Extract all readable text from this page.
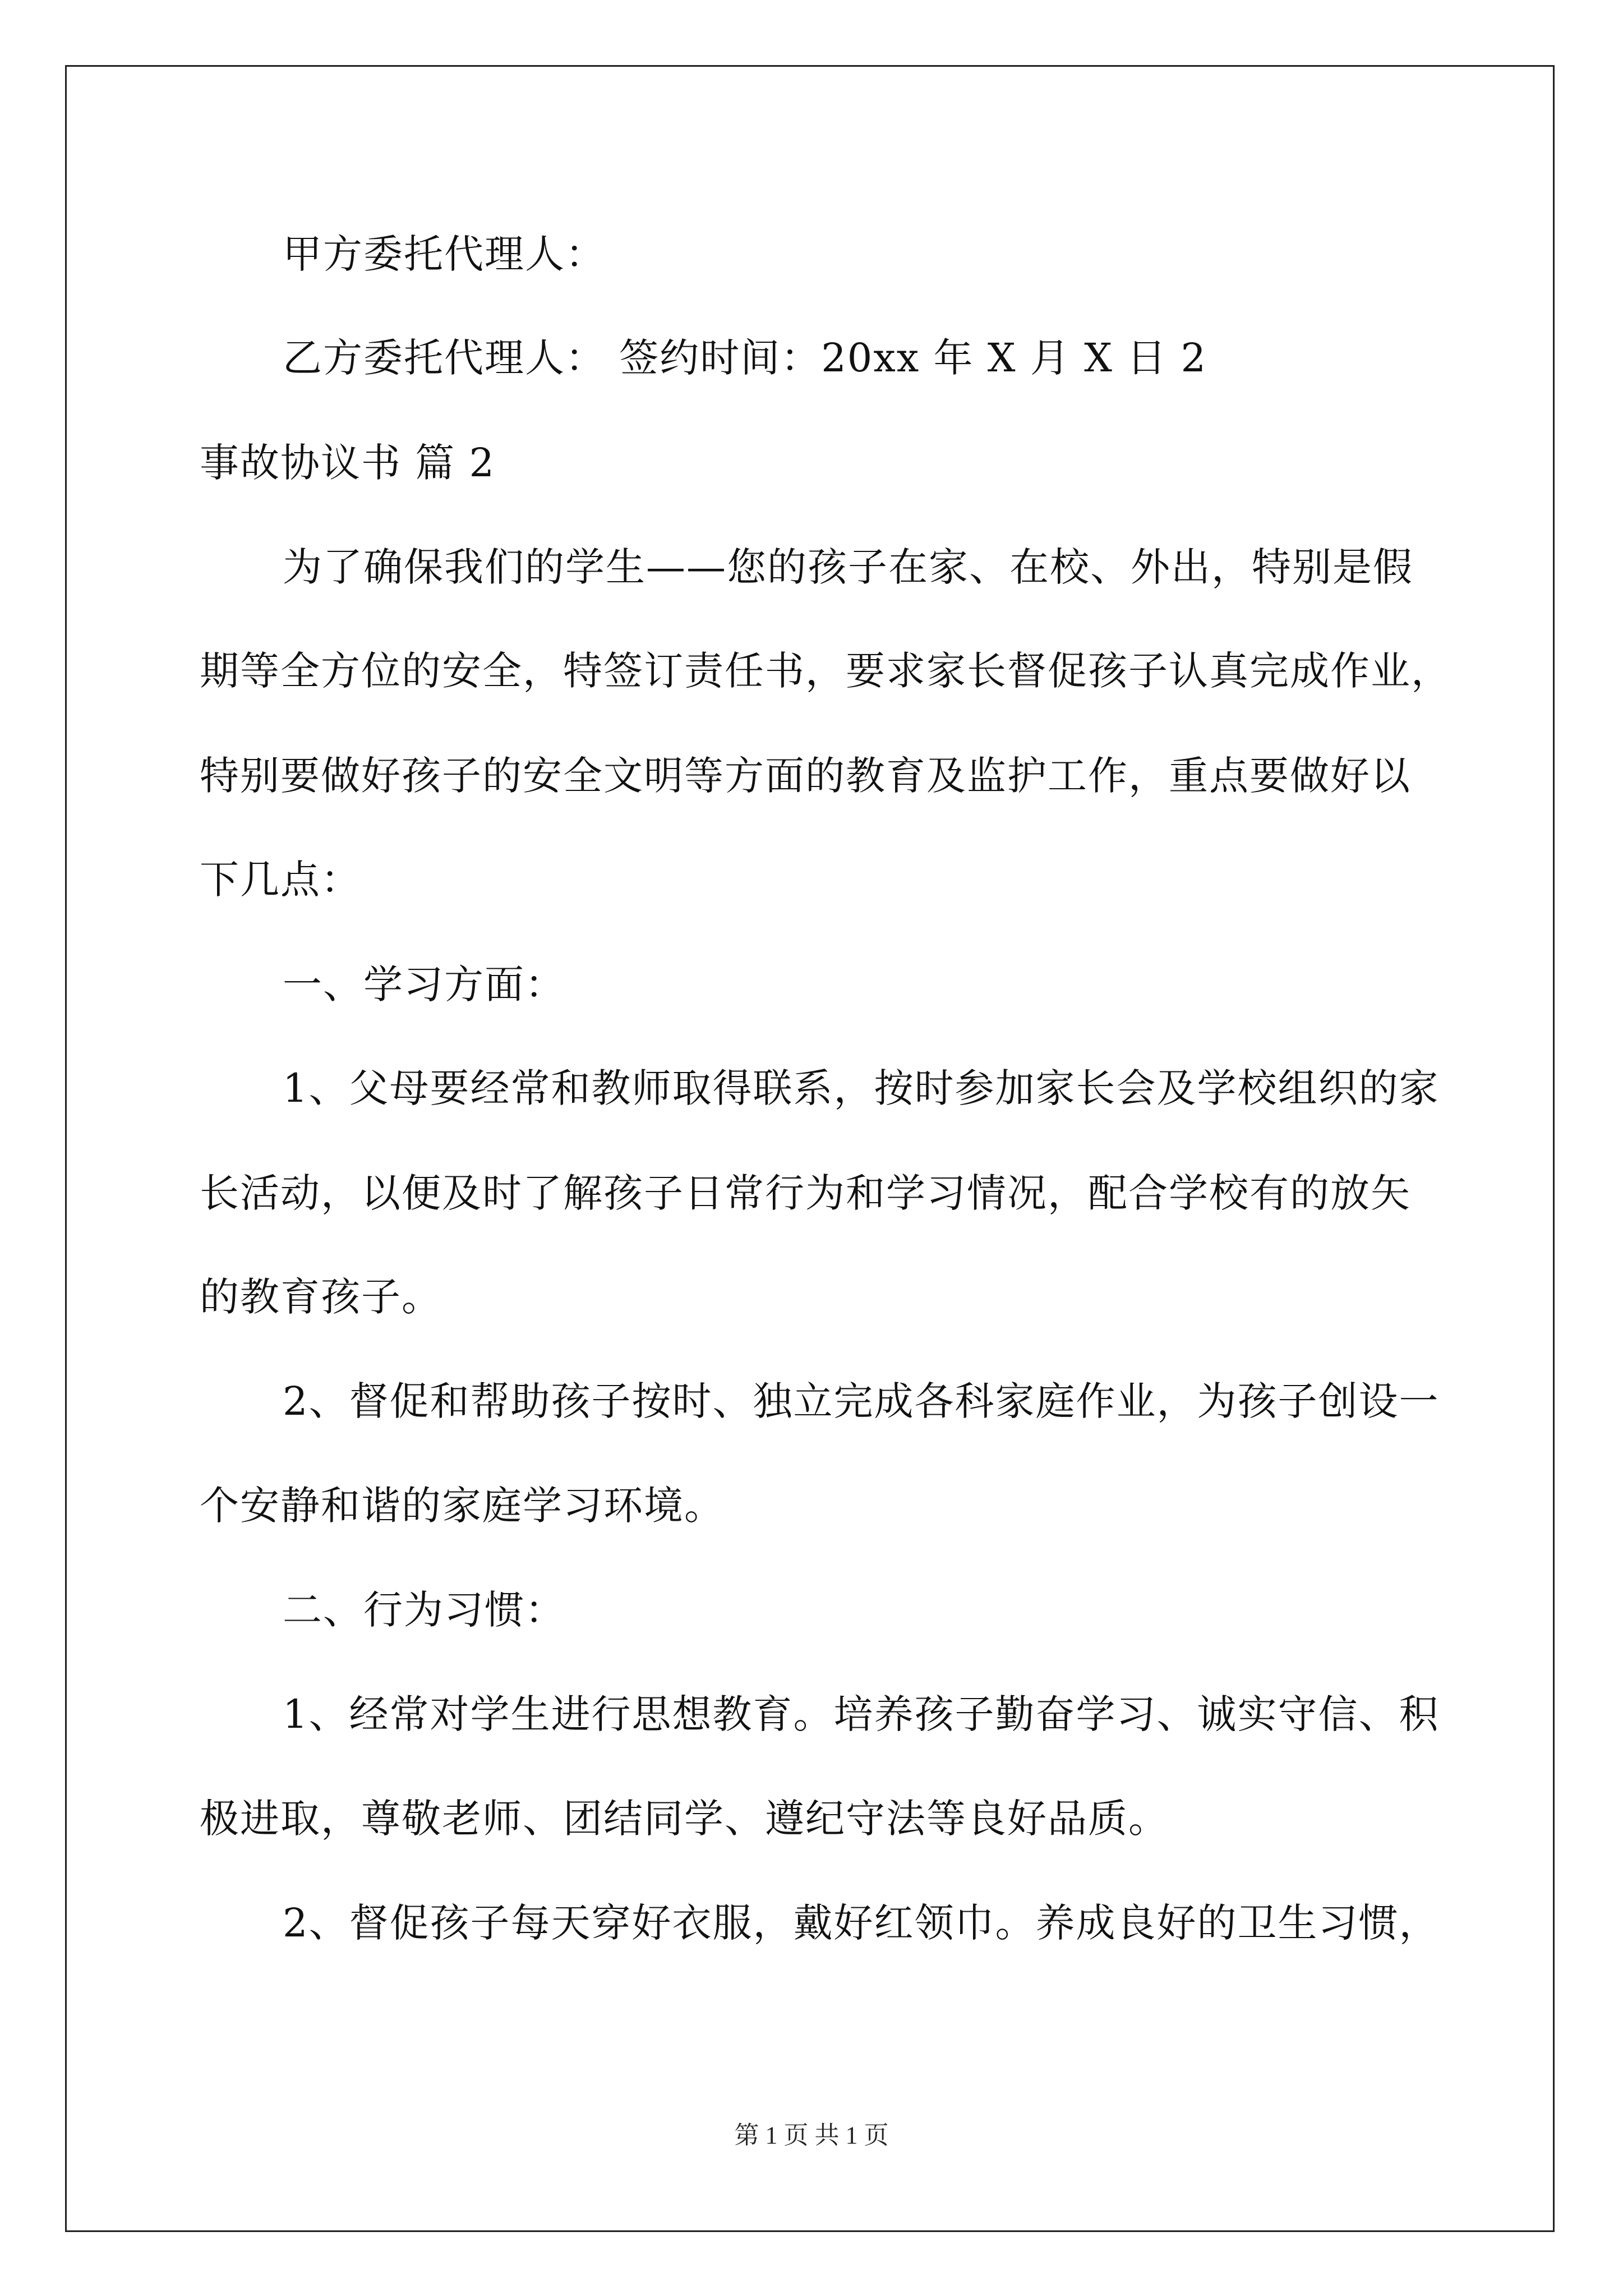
甲方委托代理人：
乙方委托代理人： 签约时间：20xx 年 X 月 X 日 2
事故协议书 篇 2
为了确保我们的学生——您的孩子在家、在校、外出，特别是假
期等全方位的安全，特签订责任书，要求家长督促孩子认真完成作业，
特别要做好孩子的安全文明等方面的教育及监护工作，重点要做好以
下几点：
一、学习方面：
1、父母要经常和教师取得联系，按时参加家长会及学校组织的家
长活动，以便及时了解孩子日常行为和学习情况，配合学校有的放矢
的教育孩子。
2、督促和帮助孩子按时、独立完成各科家庭作业，为孩子创设一
个安静和谐的家庭学习环境。
二、行为习惯：
1、经常对学生进行思想教育。培养孩子勤奋学习、诚实守信、积
极进取，尊敬老师、团结同学、遵纪守法等良好品质。
2、督促孩子每天穿好衣服，戴好红领巾。养成良好的卫生习惯，
第 1 页 共 1 页
